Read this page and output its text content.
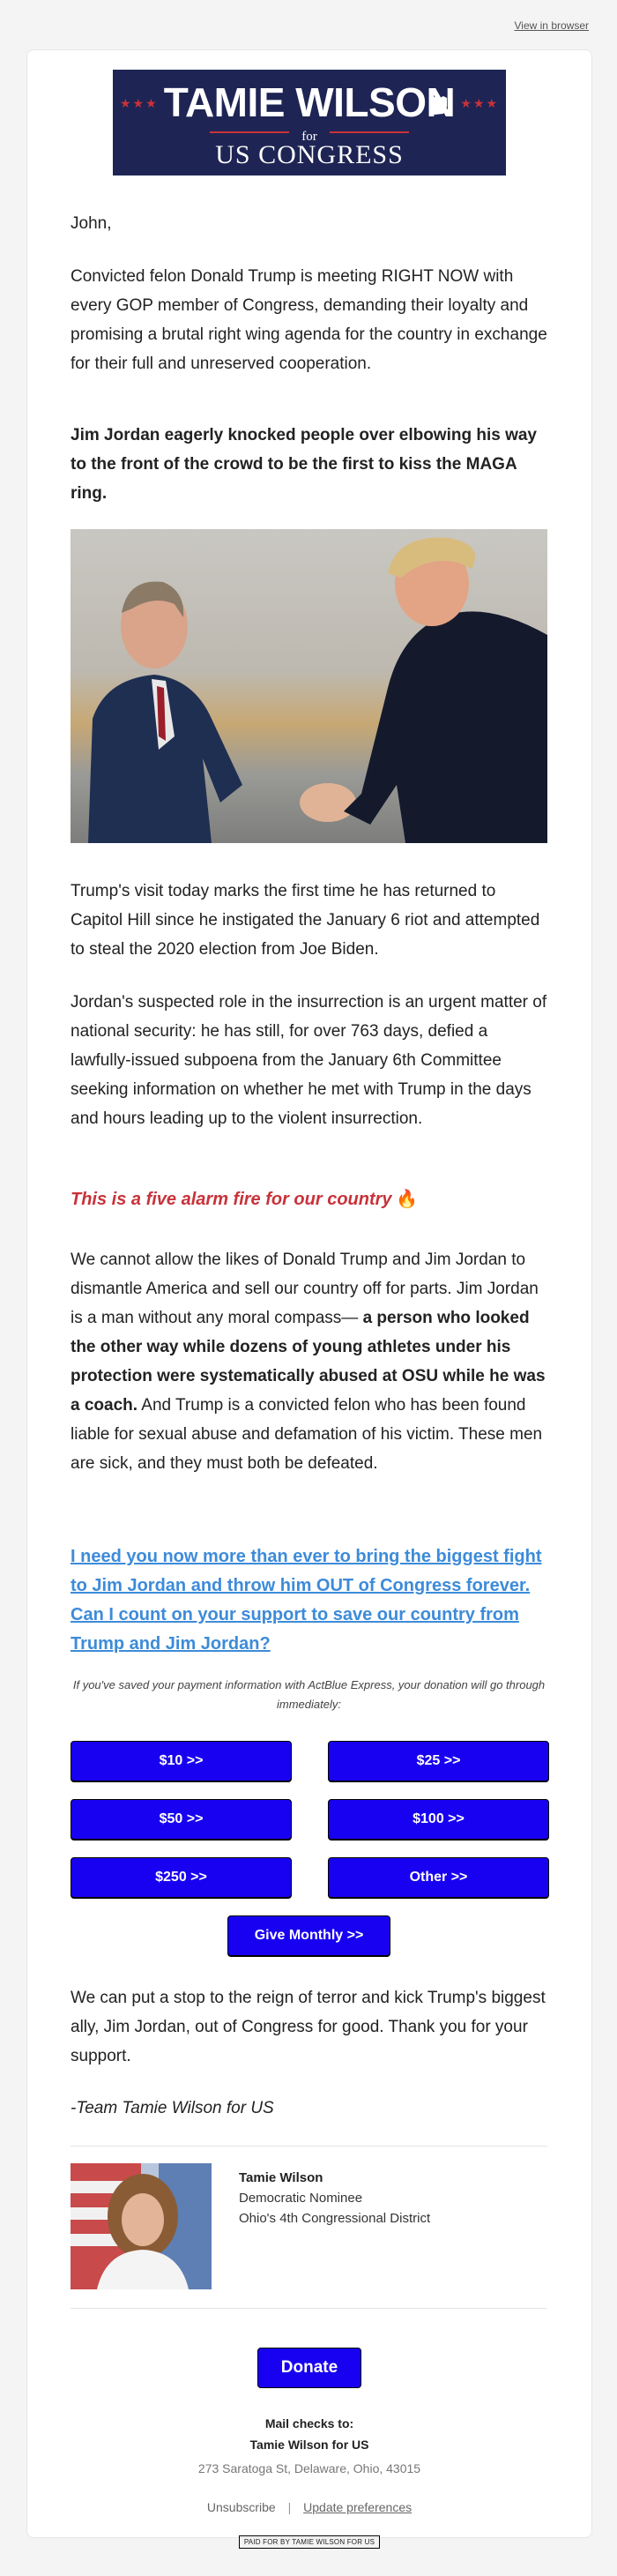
View in browser
★★★	★★★
TAMIE WILSON
for
US CONGRESS

John,

Convicted felon Donald Trump is meeting RIGHT NOW with every GOP member of Congress, demanding their loyalty and promising a brutal right wing agenda for the country in exchange for their full and unreserved cooperation.

Jim Jordan eagerly knocked people over elbowing his way to the front of the crowd to be the first to kiss the MAGA ring.

Trump's visit today marks the first time he has returned to Capitol Hill since he instigated the January 6 riot and attempted to steal the 2020 election from Joe Biden.

Jordan's suspected role in the insurrection is an urgent matter of national security: he has still, for over 763 days, defied a lawfully-issued subpoena from the January 6th Committee seeking information on whether he met with Trump in the days and hours leading up to the violent insurrection.

This is a five alarm fire for our country 🔥

We cannot allow the likes of Donald Trump and Jim Jordan to dismantle America and sell our country off for parts. Jim Jordan is a man without any moral compass— a person who looked the other way while dozens of young athletes under his protection were systematically abused at OSU while he was a coach. And Trump is a convicted felon who has been found liable for sexual abuse and defamation of his victim. These men are sick, and they must both be defeated.

I need you now more than ever to bring the biggest fight to Jim Jordan and throw him OUT of Congress forever. Can I count on your support to save our country from Trump and Jim Jordan?
If you've saved your payment information with ActBlue Express, your donation will go through immediately:
$10 >>	$25 >>
$50 >>	$100 >>
$250 >>	Other >>
Give Monthly >>

We can put a stop to the reign of terror and kick Trump's biggest ally, Jim Jordan, out of Congress for good. Thank you for your support.

-Team Tamie Wilson for US

Tamie Wilson
Democratic Nominee
Ohio's 4th Congressional District
Donate
Mail checks to:
Tamie Wilson for US
273 Saratoga St, Delaware, Ohio, 43015
Unsubscribe | Update preferences
PAID FOR BY TAMIE WILSON FOR US
